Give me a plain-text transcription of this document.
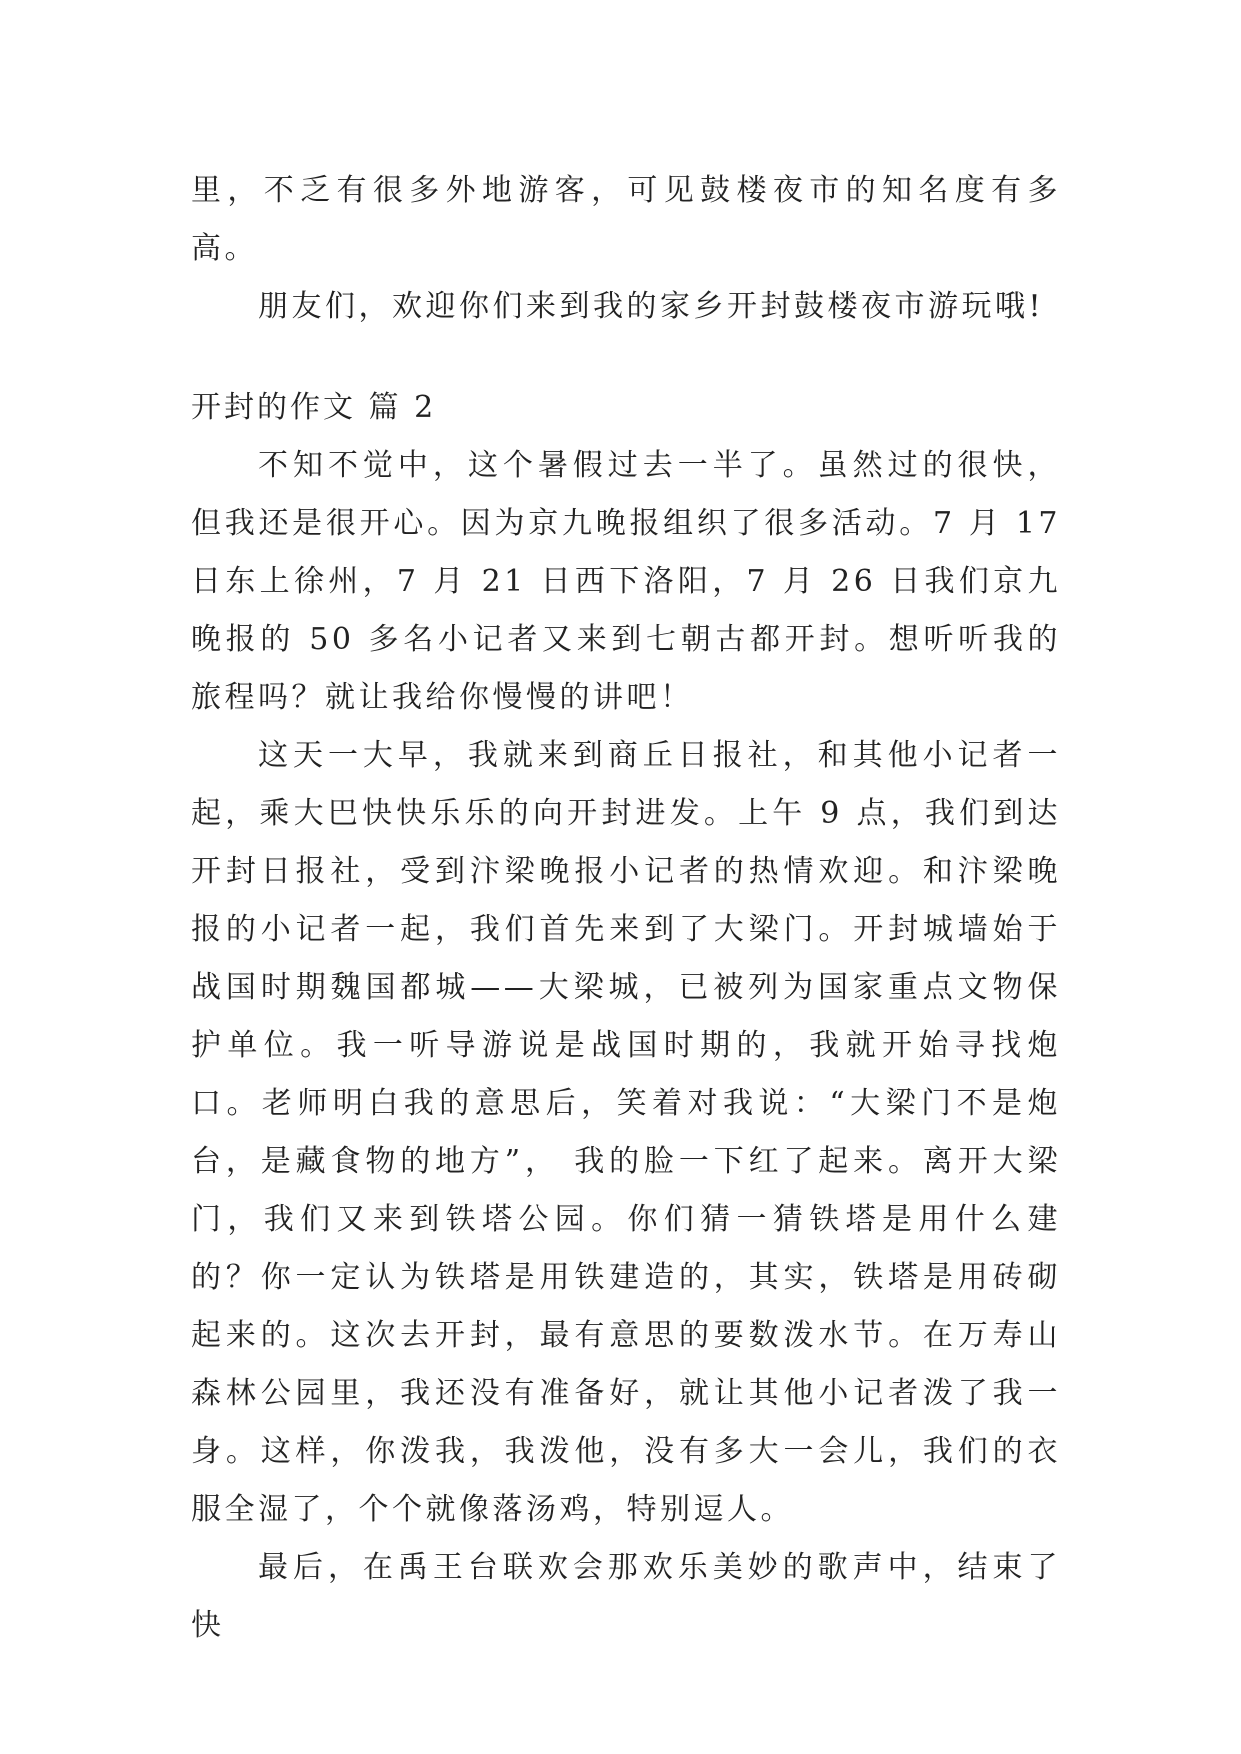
里，不乏有很多外地游客，可见鼓楼夜市的知名度有多高。

朋友们，欢迎你们来到我的家乡开封鼓楼夜市游玩哦!

开封的作文 篇 2

不知不觉中，这个暑假过去一半了。虽然过的很快，但我还是很开心。因为京九晚报组织了很多活动。7 月 17 日东上徐州，7 月 21 日西下洛阳，7 月 26 日我们京九晚报的 50 多名小记者又来到七朝古都开封。想听听我的旅程吗？就让我给你慢慢的讲吧！

这天一大早，我就来到商丘日报社，和其他小记者一起，乘大巴快快乐乐的向开封进发。上午 9 点，我们到达开封日报社，受到汴梁晚报小记者的热情欢迎。和汴梁晚报的小记者一起，我们首先来到了大梁门。开封城墙始于战国时期魏国都城——大梁城，已被列为国家重点文物保护单位。我一听导游说是战国时期的，我就开始寻找炮口。老师明白我的意思后，笑着对我说：“大梁门不是炮台，是藏食物的地方”， 我的脸一下红了起来。离开大梁门，我们又来到铁塔公园。你们猜一猜铁塔是用什么建的？你一定认为铁塔是用铁建造的，其实，铁塔是用砖砌起来的。这次去开封，最有意思的要数泼水节。在万寿山森林公园里，我还没有准备好，就让其他小记者泼了我一身。这样，你泼我，我泼他，没有多大一会儿，我们的衣服全湿了，个个就像落汤鸡，特别逗人。

最后，在禹王台联欢会那欢乐美妙的歌声中，结束了快
